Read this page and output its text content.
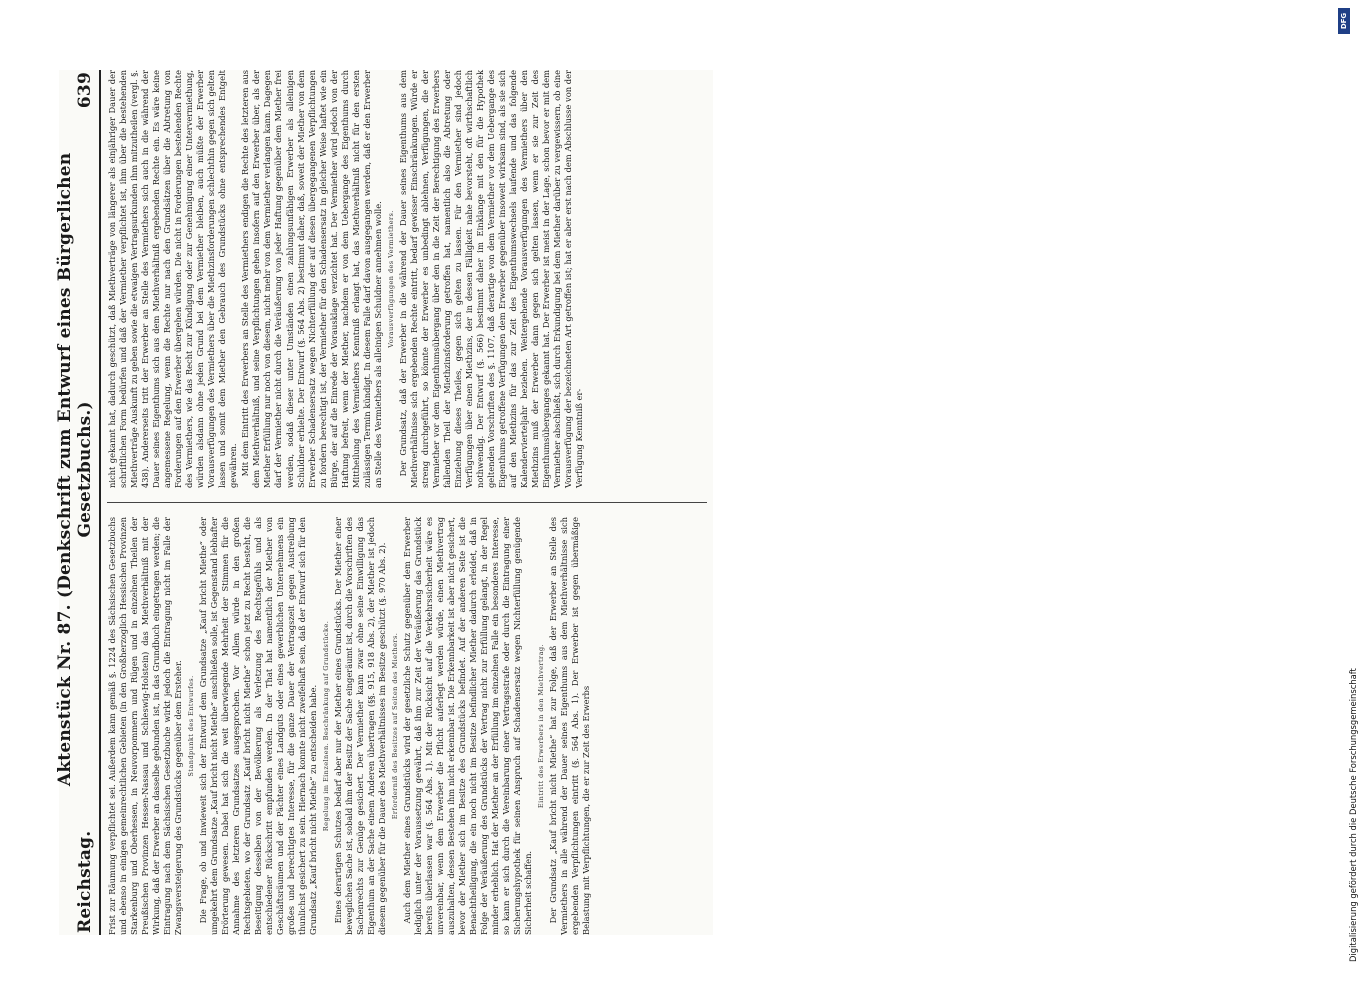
Reichstag.
Aktenstück Nr. 87. (Denkschrift zum Entwurf eines Bürgerlichen Gesetzbuchs.)
639

Frist zur Räumung verpflichtet sei. Außerdem kann gemäß §. 1224 des Sächsischen Gesetzbuchs und ebenso in einigen gemeinrechtlichen Gebieten (in den Großherzoglich Hessischen Provinzen Starkenburg und Oberhessen, in Neuvorpommern und Rügen und in einzelnen Theilen der Preußischen Provinzen Hessen-Nassau und Schleswig-Holstein) das Miethverhältniß mit der Wirkung, daß der Erwerber an dasselbe gebunden ist, in das Grundbuch eingetragen werden; die Eintragung nach dem Sächsischen Gesetzbuche wirkt jedoch die Eintragung nicht im Falle der Zwangsversteigerung des Grundstücks gegenüber dem Ersteher. Standpunkt des Entwurfes. Die Frage, ob und inwieweit sich der Entwurf dem Grundsatze „Kauf bricht Miethe“ oder umgekehrt dem Grundsatze „Kauf bricht nicht Miethe“ anschließen solle, ist Gegenstand lebhafter Erörterung gewesen. Dabei hat sich die weit überwiegende Mehrheit der Stimmen für die Annahme des letzteren Grundsatzes ausgesprochen. Vor Allem würde in den großen Rechtsgebieten, wo der Grundsatz „Kauf bricht nicht Miethe“ schon jetzt zu Recht besteht, die Beseitigung desselben von der Bevölkerung als Verletzung des Rechtsgefühls und als entschiedener Rückschritt empfunden werden. In der That hat namentlich der Miether von Geschäftsräumen und der Pächter eines Landguts oder eines gewerblichen Unternehmens ein großes und berechtigtes Interesse, für die ganze Dauer der Vertragszeit gegen Austreibung thunlichst gesichert zu sein. Hiernach konnte nicht zweifelhaft sein, daß der Entwurf sich für den Grundsatz „Kauf bricht nicht Miethe“ zu entscheiden habe. Regelung im Einzelnen. Beschränkung auf Grundstücke. Eines derartigen Schutzes bedarf aber nur der Miether eines Grundstücks. Der Miether einer beweglichen Sache ist, sobald ihm der Besitz der Sache eingeräumt ist, durch die Vorschriften des Sachenrechts zur Genüge gesichert. Der Vermiether kann zwar ohne seine Einwilligung das Eigenthum an der Sache einem Anderen übertragen (§§. 915, 918 Abs. 2), der Miether ist jedoch diesem gegenüber für die Dauer des Miethverhältnisses im Besitze geschützt (§. 970 Abs. 2). Erforderniß des Besitzes auf Seiten des Miethers. Auch dem Miether eines Grundstücks wird der gesetzliche Schutz gegenüber dem Erwerber lediglich unter der Voraussetzung gewährt, daß ihm zur Zeit der Veräußerung das Grundstück bereits überlassen war (§. 564 Abs. 1). Mit der Rücksicht auf die Verkehrssicherheit wäre es unvereinbar, wenn dem Erwerber die Pflicht auferlegt werden würde, einen Miethvertrag auszuhalten, dessen Bestehen ihm nicht erkennbar ist. Die Erkennbarkeit ist aber nicht gesichert, bevor der Miether sich im Besitze des Grundstücks befindet. Auf der anderen Seite ist die Benachtheiligung, die ein noch nicht im Besitze befindlicher Miether dadurch erleidet, daß in Folge der Veräußerung des Grundstücks der Vertrag nicht zur Erfüllung gelangt, in der Regel minder erheblich. Hat der Miether an der Erfüllung im einzelnen Falle ein besonderes Interesse, so kann er sich durch die Vereinbarung einer Vertragsstrafe oder durch die Eintragung einer Sicherungshypothek für seinen Anspruch auf Schadensersatz wegen Nichterfüllung genügende Sicherheit schaffen.

Eintritt des Erwerbers in den Miethvertrag. Der Grundsatz „Kauf bricht nicht Miethe“ hat zur Folge, daß der Erwerber an Stelle des Vermiethers in alle während der Dauer seines Eigenthums aus dem Miethverhältnisse sich ergebenden Verpflichtungen eintritt (§. 564 Abs. 1). Der Erwerber ist gegen übermäßige Belastung mit Verpflichtungen, die er zur Zeit des Erwerbs

nicht gekannt hat, dadurch geschützt, daß Miethverträge von längerer als einjähriger Dauer der schriftlichen Form bedürfen und daß der Vermiether verpflichtet ist, ihm über die bestehenden Miethverträge Auskunft zu geben sowie die etwaigen Vertragsurkunden ihm mitzutheilen (vergl. §. 438). Andererseits tritt der Erwerber an Stelle des Vermiethers sich auch in die während der Dauer seines Eigenthums sich aus dem Miethverhältniß ergebenden Rechte ein. Es wäre keine angemessene Regelung, wenn die Rechte nur nach den Grundsätzen über die Abtretung von Forderungen auf den Erwerber übergehen würden. Die nicht in Forderungen bestehenden Rechte des Vermiethers, wie das Recht zur Kündigung oder zur Genehmigung einer Untervermiethung, würden alsdann ohne jeden Grund bei dem Vermiether bleiben, auch müßte der Erwerber Vorausverfügungen des Vermiethers über die Miethzinsforderungen schlechthin gegen sich gelten lassen und somit dem Miether den Gebrauch des Grundstücks ohne entsprechendes Entgelt gewähren. Mit dem Eintritt des Erwerbers an Stelle des Vermiethers endigen die Rechte des letzteren aus dem Miethverhältniß, und seine Verpflichtungen gehen insofern auf den Erwerber über, als der Miether Erfüllung nur noch von diesem, nicht mehr von dem Vermiether verlangen kann. Dagegen darf der Vermiether nicht durch die Veräußerung von jeder Haftung gegenüber dem Miether frei werden, sodaß dieser unter Umständen einen zahlungsunfähigen Erwerber als alleinigen Schuldner erhielte. Der Entwurf (§. 564 Abs. 2) bestimmt daher, daß, soweit der Miether von dem Erwerber Schadensersatz wegen Nichterfüllung der auf diesen übergegangenen Verpflichtungen zu fordern berechtigt ist, der Vermiether für den Schadensersatz in gleicher Weise haftet wie ein Bürge, der auf die Einrede der Vorausklage verzichtet hat. Der Vermiether wird jedoch von der Haftung befreit, wenn der Miether, nachdem er von dem Uebergange des Eigenthums durch Mittheilung des Vermiethers Kenntniß erlangt hat, das Miethverhältniß nicht für den ersten zulässigen Termin kündigt. In diesem Falle darf davon ausgegangen werden, daß er den Erwerber an Stelle des Vermiethers als alleinigen Schuldner annehmen wolle. Vorausverfügungen des Vermiethers. Der Grundsatz, daß der Erwerber in die während der Dauer seines Eigenthums aus dem Miethverhältnisse sich ergebenden Rechte eintritt, bedarf gewisser Einschränkungen. Würde er streng durchgeführt, so könnte der Erwerber es unbedingt ablehnen, Verfügungen, die der Vermiether vor dem Eigenthumsübergang über den in die Zeit der Berechtigung des Erwerbers fallenden Theil der Miethzinsforderung getroffen hat, namentlich also die Abtretung oder Einziehung dieses Theiles, gegen sich gelten zu lassen. Für den Vermiether sind jedoch Verfügungen über einen Miethzins, der in dessen Fälligkeit nahe bevorsteht, oft wirthschaftlich nothwendig. Der Entwurf (§. 566) bestimmt daher im Einklange mit den für die Hypothek geltenden Vorschriften des §. 1107, daß derartige von dem Vermiether vor dem Uebergange des Eigenthums getroffene Verfügungen dem Erwerber gegenüber insoweit wirksam sind, als sie sich auf den Miethzins für das zur Zeit des Eigenthumswechsels laufende und das folgende Kalendervierteljahr beziehen. Weitergehende Vorausverfügungen des Vermiethers über den Miethzins muß der Erwerber dann gegen sich gelten lassen, wenn er sie zur Zeit des Eigenthumsüberganges gekannt hat. Der Erwerber ist meist in der Lage, schon bevor er mit dem Vermiether abschließt, sich durch Erkundigung bei dem Miether darüber zu vergewissern, ob eine Vorausverfügung der bezeichneten Art getroffen ist; hat er aber erst nach dem Abschlusse von der Verfügung Kenntniß er-

DFG
Digitalisierung gefördert durch die Deutsche Forschungsgemeinschaft
